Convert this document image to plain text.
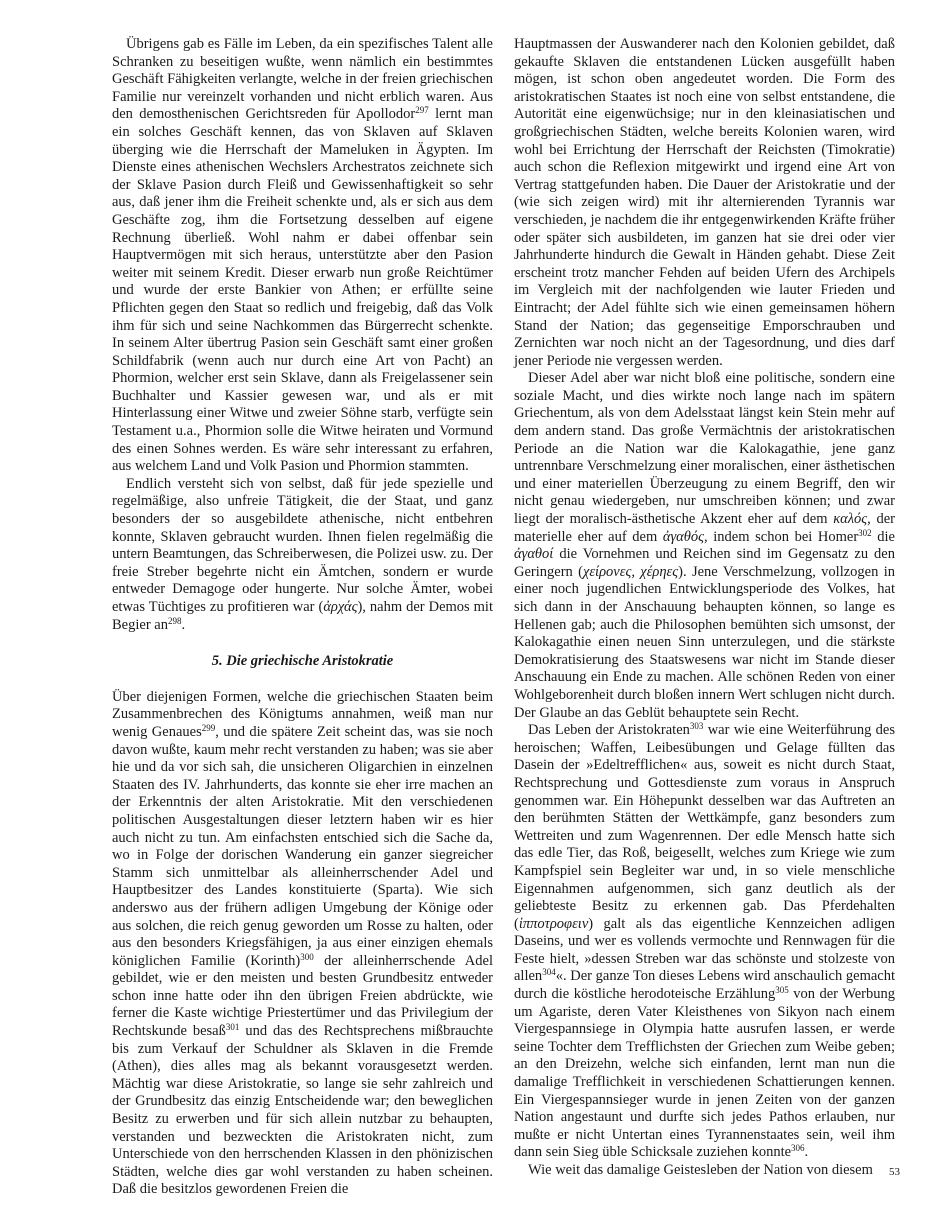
Übrigens gab es Fälle im Leben, da ein spezifisches Talent alle Schranken zu beseitigen wußte, wenn nämlich ein bestimmtes Geschäft Fähigkeiten verlangte, welche in der freien griechischen Familie nur vereinzelt vorhanden und nicht erblich waren. Aus den demosthenischen Gerichtsreden für Apollodor$^{297}$ lernt man ein solches Geschäft kennen, das von Sklaven auf Sklaven überging wie die Herrschaft der Mameluken in Ägypten. Im Dienste eines athenischen Wechslers Archestratos zeichnete sich der Sklave Pasion durch Fleiß und Gewissenhaftigkeit so sehr aus, daß jener ihm die Freiheit schenkte und, als er sich aus dem Geschäfte zog, ihm die Fortsetzung desselben auf eigene Rechnung überließ. Wohl nahm er dabei offenbar sein Hauptvermögen mit sich heraus, unterstützte aber den Pasion weiter mit seinem Kredit. Dieser erwarb nun große Reichtümer und wurde der erste Bankier von Athen; er erfüllte seine Pflichten gegen den Staat so redlich und freigebig, daß das Volk ihm für sich und seine Nachkommen das Bürgerrecht schenkte. In seinem Alter übertrug Pasion sein Geschäft samt einer großen Schildfabrik (wenn auch nur durch eine Art von Pacht) an Phormion, welcher erst sein Sklave, dann als Freigelassener sein Buchhalter und Kassier gewesen war, und als er mit Hinterlassung einer Witwe und zweier Söhne starb, verfügte sein Testament u.a., Phormion solle die Witwe heiraten und Vormund des einen Sohnes werden. Es wäre sehr interessant zu erfahren, aus welchem Land und Volk Pasion und Phormion stammten.

Endlich versteht sich von selbst, daß für jede spezielle und regelmäßige, also unfreie Tätigkeit, die der Staat, und ganz besonders der so ausgebildete athenische, nicht entbehren konnte, Sklaven gebraucht wurden. Ihnen fielen regelmäßig die untern Beamtungen, das Schreiberwesen, die Polizei usw. zu. Der freie Streber begehrte nicht ein Ämtchen, sondern er wurde entweder Demagoge oder hungerte. Nur solche Ämter, wobei etwas Tüchtiges zu profitieren war (ἀρχάς), nahm der Demos mit Begier $an^{298}$.

5. Die griechische Aristokratie

Über diejenigen Formen, welche die griechischen Staaten beim Zusammenbrechen des Königtums annahmen, weiß man nur wenig Genaues$^{299}$, und die spätere Zeit scheint das, was sie noch davon wußte, kaum mehr recht verstanden zu haben; was sie aber hie und da vor sich sah, die unsicheren Oligarchien in einzelnen Staaten des IV. Jahrhunderts, das konnte sie eher irre machen an der Erkenntnis der alten Aristokratie. Mit den verschiedenen politischen Ausgestaltungen dieser letztern haben wir es hier auch nicht zu tun. Am einfachsten entschied sich die Sache da, wo in Folge der dorischen Wanderung ein ganzer siegreicher Stamm sich unmittelbar als alleinherrschender Adel und Hauptbesitzer des Landes konstituierte (Sparta). Wie sich anderswo aus der frühern adligen Umgebung der Könige oder aus solchen, die reich genug geworden um Rosse zu halten, oder aus den besonders Kriegsfähigen, ja aus einer einzigen ehemals königlichen Familie (Korinth)$^{300}$ der alleinherrschende Adel gebildet, wie er den meisten und besten Grundbesitz entweder schon inne hatte oder ihn den übrigen Freien abdrückte, wie ferner die Kaste wichtige Priestertümer und das Privilegium der Rechtskunde besaß$^{301}$ und das des Rechtsprechens mißbrauchte bis zum Verkauf der Schuldner als Sklaven in die Fremde (Athen), dies alles mag als bekannt vorausgesetzt werden. Mächtig war diese Aristokratie, so lange sie sehr zahlreich und der Grundbesitz das einzig Entscheidende war; den beweglichen Besitz zu erwerben und für sich allein nutzbar zu behaupten, verstanden und bezweckten die Aristokraten nicht, zum Unterschiede von den herrschenden Klassen in den phönizischen Städten, welche dies gar wohl verstanden zu haben scheinen. Daß die besitzlos gewordenen Freien die

Hauptmassen der Auswanderer nach den Kolonien gebildet, daß gekaufte Sklaven die entstandenen Lücken ausgefüllt haben mögen, ist schon oben angedeutet worden. Die Form des aristokratischen Staates ist noch eine von selbst entstandene, die Autorität eine eigenwüchsige; nur in den kleinasiatischen und großgriechischen Städten, welche bereits Kolonien waren, wird wohl bei Errichtung der Herrschaft der Reichsten (Timokratie) auch schon die Reflexion mitgewirkt und irgend eine Art von Vertrag stattgefunden haben. Die Dauer der Aristokratie und der (wie sich zeigen wird) mit ihr alternierenden Tyrannis war verschieden, je nachdem die ihr entgegenwirkenden Kräfte früher oder später sich ausbildeten, im ganzen hat sie drei oder vier Jahrhunderte hindurch die Gewalt in Händen gehabt. Diese Zeit erscheint trotz mancher Fehden auf beiden Ufern des Archipels im Vergleich mit der nachfolgenden wie lauter Frieden und Eintracht; der Adel fühlte sich wie einen gemeinsamen höhern Stand der Nation; das gegenseitige Emporschrauben und Zernichten war noch nicht an der Tagesordnung, und dies darf jener Periode nie vergessen werden.

Dieser Adel aber war nicht bloß eine politische, sondern eine soziale Macht, und dies wirkte noch lange nach im spätern Griechentum, als von dem Adelsstaat längst kein Stein mehr auf dem andern stand. Das große Vermächtnis der aristokratischen Periode an die Nation war die Kalokagathie, jene ganz untrennbare Verschmelzung einer moralischen, einer ästhetischen und einer materiellen Überzeugung zu einem Begriff, den wir nicht genau wiedergeben, nur umschreiben können; und zwar liegt der moralisch-ästhetische Akzent eher auf dem καλός, der materielle eher auf dem ἀγαθός, indem schon bei Homer$^{302}$ die ἀγαθοί die Vornehmen und Reichen sind im Gegensatz zu den Geringern (χείρονες, χέρηες). Jene Verschmelzung, vollzogen in einer noch jugendlichen Entwicklungsperiode des Volkes, hat sich dann in der Anschauung behaupten können, so lange es Hellenen gab; auch die Philosophen bemühten sich umsonst, der Kalokagathie einen neuen Sinn unterzulegen, und die stärkste Demokratisierung des Staatswesens war nicht im Stande dieser Anschauung ein Ende zu machen. Alle schönen Reden von einer Wohlgeborenheit durch bloßen innern Wert schlugen nicht durch. Der Glaube an das Geblüt behauptete sein Recht.

Das Leben der Aristokraten$^{303}$ war wie eine Weiterführung des heroischen; Waffen, Leibesübungen und Gelage füllten das Dasein der »Edeltrefflichen« aus, soweit es nicht durch Staat, Rechtsprechung und Gottesdienste zum voraus in Anspruch genommen war. Ein Höhepunkt desselben war das Auftreten an den berühmten Stätten der Wettkämpfe, ganz besonders zum Wettreiten und zum Wagenrennen. Der edle Mensch hatte sich das edle Tier, das Roß, beigesellt, welches zum Kriege wie zum Kampfspiel sein Begleiter war und, in so viele menschliche Eigennahmen aufgenommen, sich ganz deutlich als der geliebteste Besitz zu erkennen gab. Das Pferdehalten (ἱπποτροφειν) galt als das eigentliche Kennzeichen adligen Daseins, und wer es vollends vermochte und Rennwagen für die Feste hielt, »dessen Streben war das schönste und stolzeste von allen$^{304}$«. Der ganze Ton dieses Lebens wird anschaulich gemacht durch die köstliche herodoteische Erzählung$^{305}$ von der Werbung um Agariste, deren Vater Kleisthenes von Sikyon nach einem Viergespannsiege in Olympia hatte ausrufen lassen, er werde seine Tochter dem Trefflichsten der Griechen zum Weibe geben; an den Dreizehn, welche sich einfanden, lernt man nun die damalige Trefflichkeit in verschiedenen Schattierungen kennen. Ein Viergespannsieger wurde in jenen Zeiten von der ganzen Nation angestaunt und durfte sich jedes Pathos erlauben, nur mußte er nicht Untertan eines Tyrannenstaates sein, weil ihm dann sein Sieg üble Schicksale zuziehen konnte$^{306}$.

Wie weit das damalige Geistesleben der Nation von diesem	53
